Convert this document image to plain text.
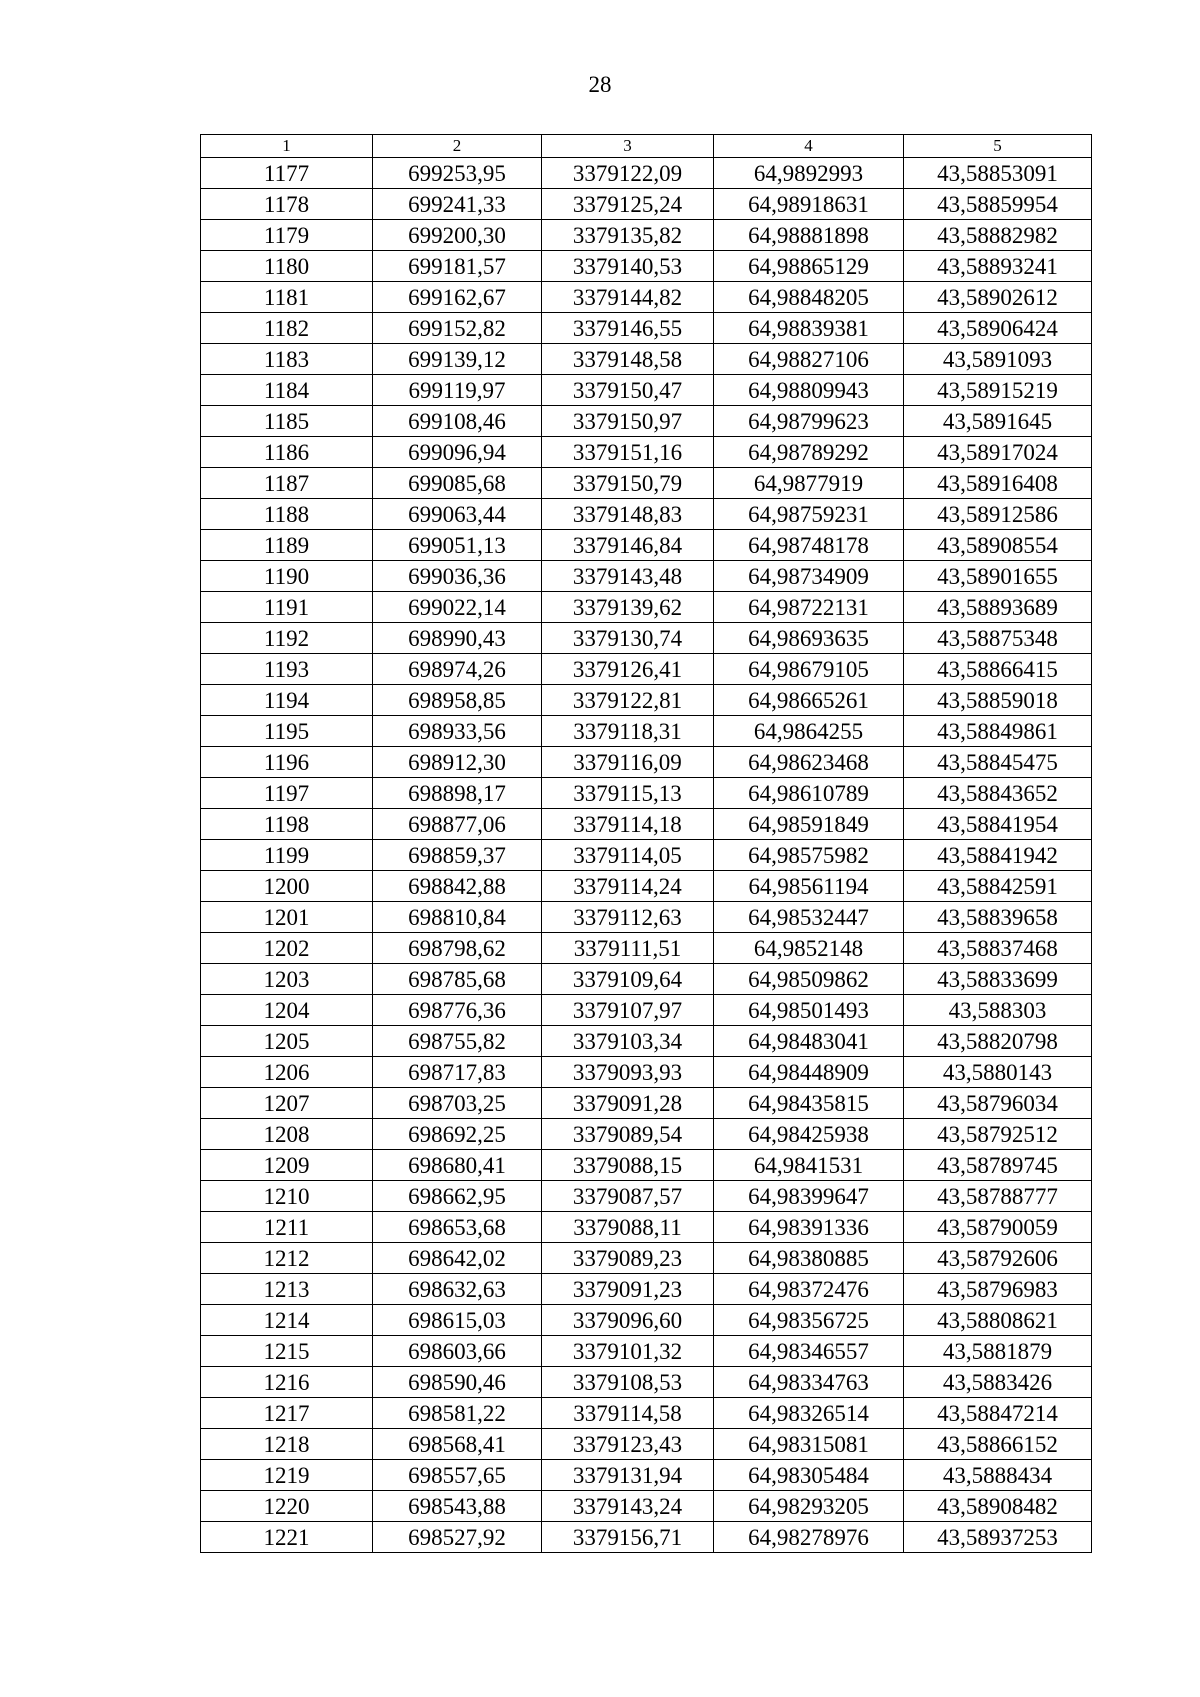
28
1	2	3	4	5
1177	699253,95	3379122,09	64,9892993	43,58853091
1178	699241,33	3379125,24	64,98918631	43,58859954
1179	699200,30	3379135,82	64,98881898	43,58882982
1180	699181,57	3379140,53	64,98865129	43,58893241
1181	699162,67	3379144,82	64,98848205	43,58902612
1182	699152,82	3379146,55	64,98839381	43,58906424
1183	699139,12	3379148,58	64,98827106	43,5891093
1184	699119,97	3379150,47	64,98809943	43,58915219
1185	699108,46	3379150,97	64,98799623	43,5891645
1186	699096,94	3379151,16	64,98789292	43,58917024
1187	699085,68	3379150,79	64,9877919	43,58916408
1188	699063,44	3379148,83	64,98759231	43,58912586
1189	699051,13	3379146,84	64,98748178	43,58908554
1190	699036,36	3379143,48	64,98734909	43,58901655
1191	699022,14	3379139,62	64,98722131	43,58893689
1192	698990,43	3379130,74	64,98693635	43,58875348
1193	698974,26	3379126,41	64,98679105	43,58866415
1194	698958,85	3379122,81	64,98665261	43,58859018
1195	698933,56	3379118,31	64,9864255	43,58849861
1196	698912,30	3379116,09	64,98623468	43,58845475
1197	698898,17	3379115,13	64,98610789	43,58843652
1198	698877,06	3379114,18	64,98591849	43,58841954
1199	698859,37	3379114,05	64,98575982	43,58841942
1200	698842,88	3379114,24	64,98561194	43,58842591
1201	698810,84	3379112,63	64,98532447	43,58839658
1202	698798,62	3379111,51	64,9852148	43,58837468
1203	698785,68	3379109,64	64,98509862	43,58833699
1204	698776,36	3379107,97	64,98501493	43,588303
1205	698755,82	3379103,34	64,98483041	43,58820798
1206	698717,83	3379093,93	64,98448909	43,5880143
1207	698703,25	3379091,28	64,98435815	43,58796034
1208	698692,25	3379089,54	64,98425938	43,58792512
1209	698680,41	3379088,15	64,9841531	43,58789745
1210	698662,95	3379087,57	64,98399647	43,58788777
1211	698653,68	3379088,11	64,98391336	43,58790059
1212	698642,02	3379089,23	64,98380885	43,58792606
1213	698632,63	3379091,23	64,98372476	43,58796983
1214	698615,03	3379096,60	64,98356725	43,58808621
1215	698603,66	3379101,32	64,98346557	43,5881879
1216	698590,46	3379108,53	64,98334763	43,5883426
1217	698581,22	3379114,58	64,98326514	43,58847214
1218	698568,41	3379123,43	64,98315081	43,58866152
1219	698557,65	3379131,94	64,98305484	43,5888434
1220	698543,88	3379143,24	64,98293205	43,58908482
1221	698527,92	3379156,71	64,98278976	43,58937253
